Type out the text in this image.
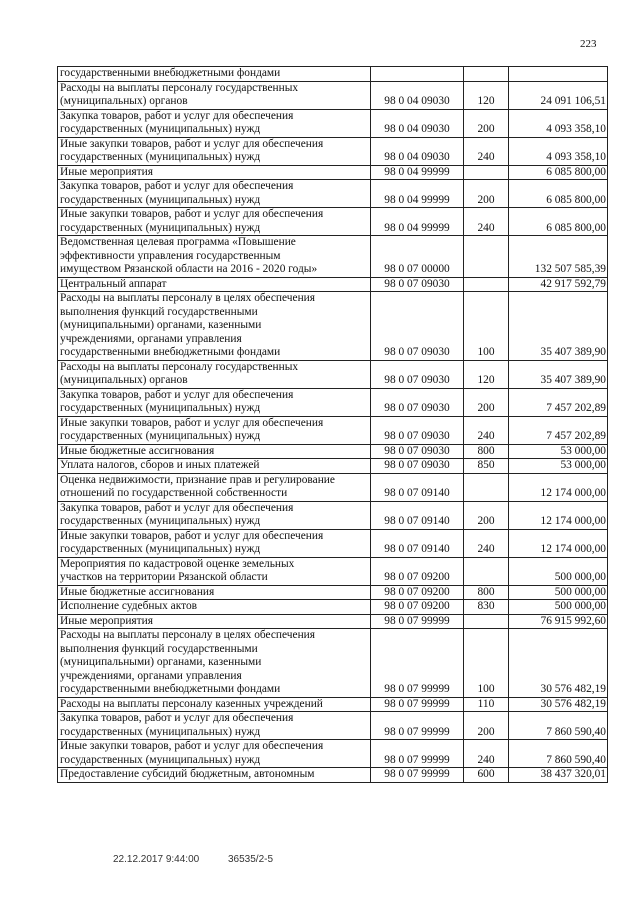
223
государственными внебюджетными фондами			
Расходы на выплаты персоналу государственных
(муниципальных) органов	98 0 04 09030	120	24 091 106,51
Закупка товаров, работ и услуг для обеспечения
государственных (муниципальных) нужд	98 0 04 09030	200	4 093 358,10
Иные закупки товаров, работ и услуг для обеспечения
государственных (муниципальных) нужд	98 0 04 09030	240	4 093 358,10
Иные мероприятия	98 0 04 99999		6 085 800,00
Закупка товаров, работ и услуг для обеспечения
государственных (муниципальных) нужд	98 0 04 99999	200	6 085 800,00
Иные закупки товаров, работ и услуг для обеспечения
государственных (муниципальных) нужд	98 0 04 99999	240	6 085 800,00
Ведомственная целевая программа «Повышение
эффективности управления государственным
имуществом Рязанской области на 2016 - 2020 годы»	98 0 07 00000		132 507 585,39
Центральный аппарат	98 0 07 09030		42 917 592,79
Расходы на выплаты персоналу в целях обеспечения
выполнения функций государственными
(муниципальными) органами, казенными
учреждениями, органами управления
государственными внебюджетными фондами	98 0 07 09030	100	35 407 389,90
Расходы на выплаты персоналу государственных
(муниципальных) органов	98 0 07 09030	120	35 407 389,90
Закупка товаров, работ и услуг для обеспечения
государственных (муниципальных) нужд	98 0 07 09030	200	7 457 202,89
Иные закупки товаров, работ и услуг для обеспечения
государственных (муниципальных) нужд	98 0 07 09030	240	7 457 202,89
Иные бюджетные ассигнования	98 0 07 09030	800	53 000,00
Уплата налогов, сборов и иных платежей	98 0 07 09030	850	53 000,00
Оценка недвижимости, признание прав и регулирование
отношений по государственной собственности	98 0 07 09140		12 174 000,00
Закупка товаров, работ и услуг для обеспечения
государственных (муниципальных) нужд	98 0 07 09140	200	12 174 000,00
Иные закупки товаров, работ и услуг для обеспечения
государственных (муниципальных) нужд	98 0 07 09140	240	12 174 000,00
Мероприятия по кадастровой оценке земельных
участков на территории Рязанской области	98 0 07 09200		500 000,00
Иные бюджетные ассигнования	98 0 07 09200	800	500 000,00
Исполнение судебных актов	98 0 07 09200	830	500 000,00
Иные мероприятия	98 0 07 99999		76 915 992,60
Расходы на выплаты персоналу в целях обеспечения
выполнения функций государственными
(муниципальными) органами, казенными
учреждениями, органами управления
государственными внебюджетными фондами	98 0 07 99999	100	30 576 482,19
Расходы на выплаты персоналу казенных учреждений	98 0 07 99999	110	30 576 482,19
Закупка товаров, работ и услуг для обеспечения
государственных (муниципальных) нужд	98 0 07 99999	200	7 860 590,40
Иные закупки товаров, работ и услуг для обеспечения
государственных (муниципальных) нужд	98 0 07 99999	240	7 860 590,40
Предоставление субсидий бюджетным, автономным	98 0 07 99999	600	38 437 320,01
22.12.2017 9:44:00	36535/2-5
